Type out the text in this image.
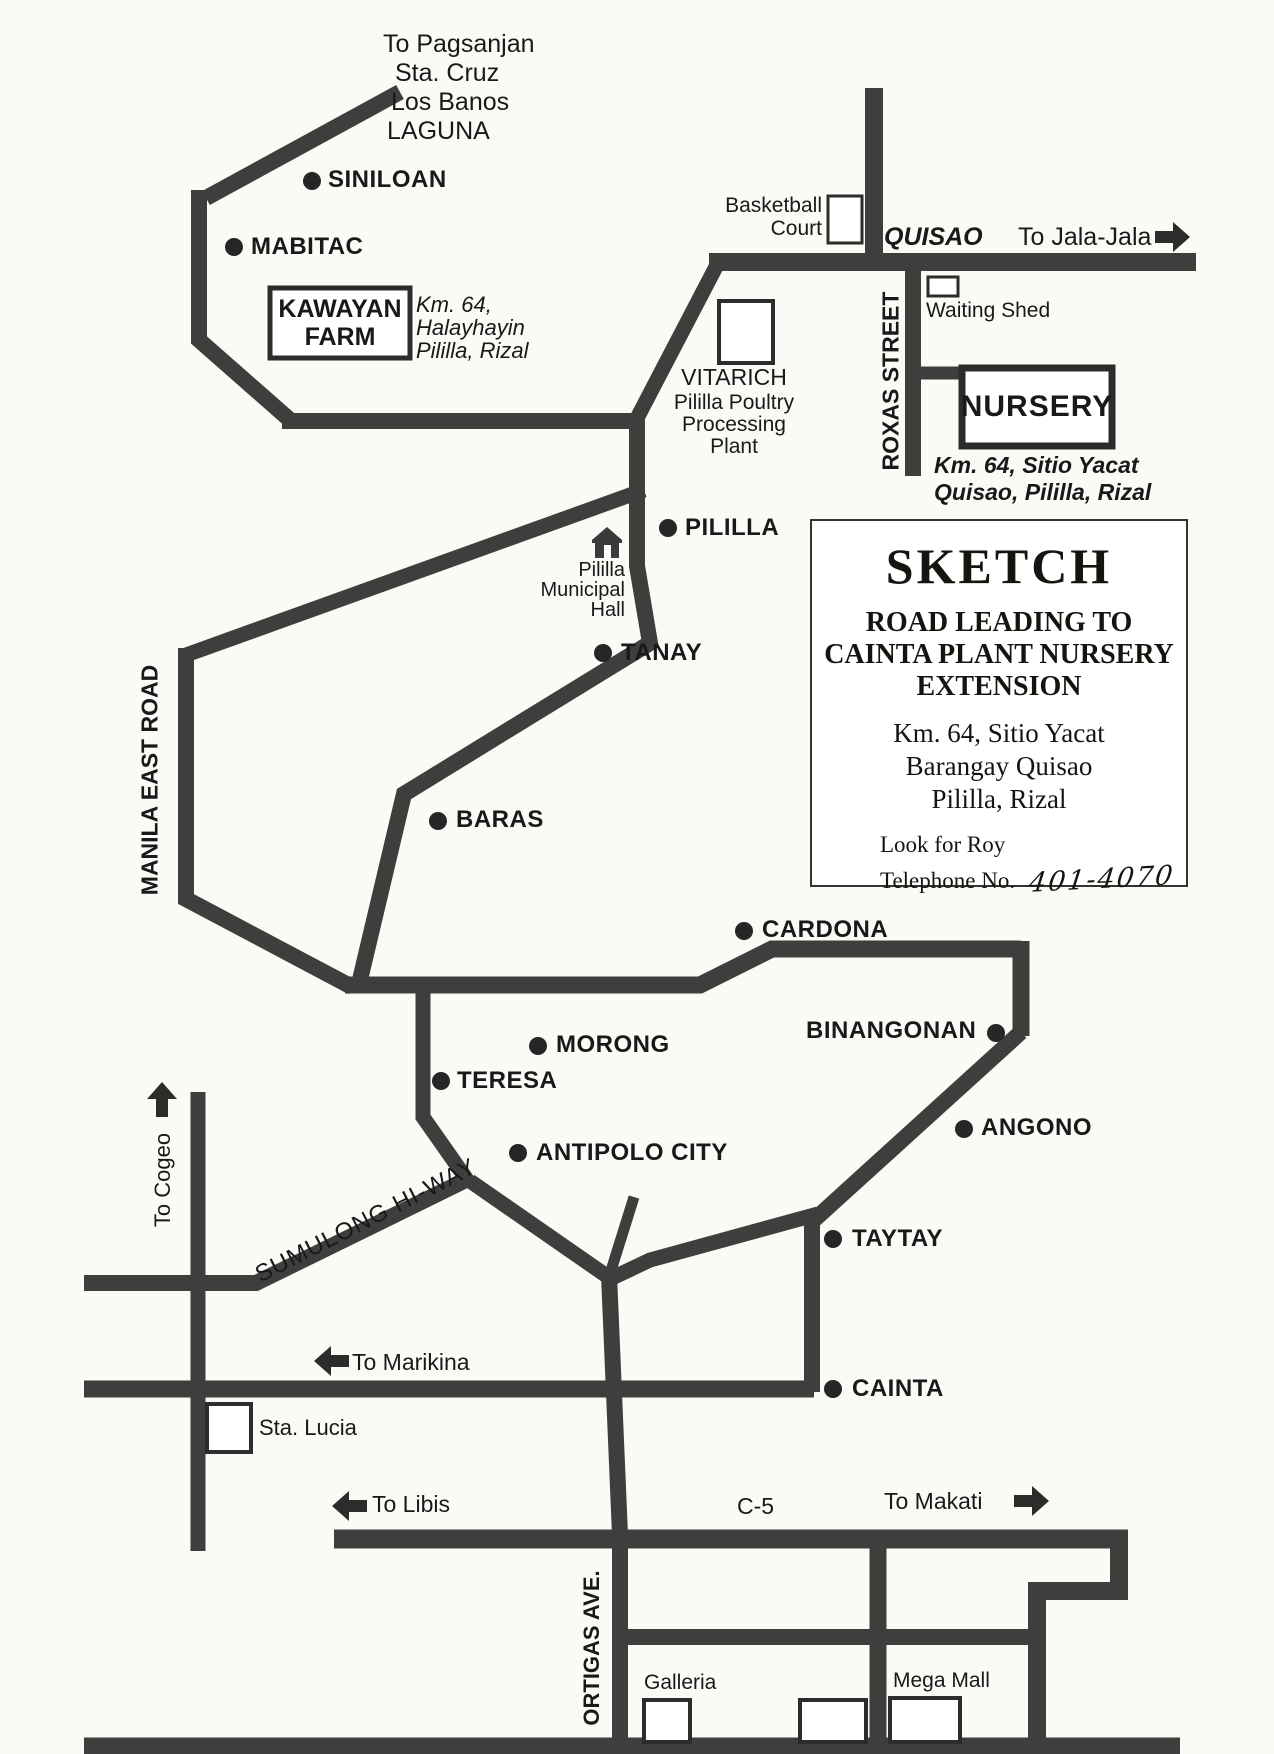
To Pagsanjan
Sta. Cruz
Los Banos
LAGUNA
SINILOAN
MABITAC
KAWAYAN FARM
Km. 64,
Halayhayin
Pililla, Rizal
Basketball
Court QUISAO To Jala-Jala
Waiting Shed
ROXAS STREET NURSERY
Km. 64, Sitio Yacat
Quisao, Pililla, Rizal
VITARICH
Pililla Poultry
Processing
Plant
PILILLA
Pililla
Municipal
Hall
TANAY
SKETCH
ROAD LEADING TO
CAINTA PLANT NURSERY
EXTENSION
Km. 64, Sitio Yacat
Barangay Quisao
Pililla, Rizal
Look for Roy
Telephone No. 401-4070
MANILA EAST ROAD	BARAS
CARDONA
MORONG
BINANGONAN
TERESA
ANTIPOLO CITY
ANGONO
TAYTAY
CAINTA
To Cogeo	SUMULONG HI-WAY
To Marikina
Sta. Lucia
To Libis	C-5	To Makati
ORTIGAS AVE. Galleria	Mega Mall
